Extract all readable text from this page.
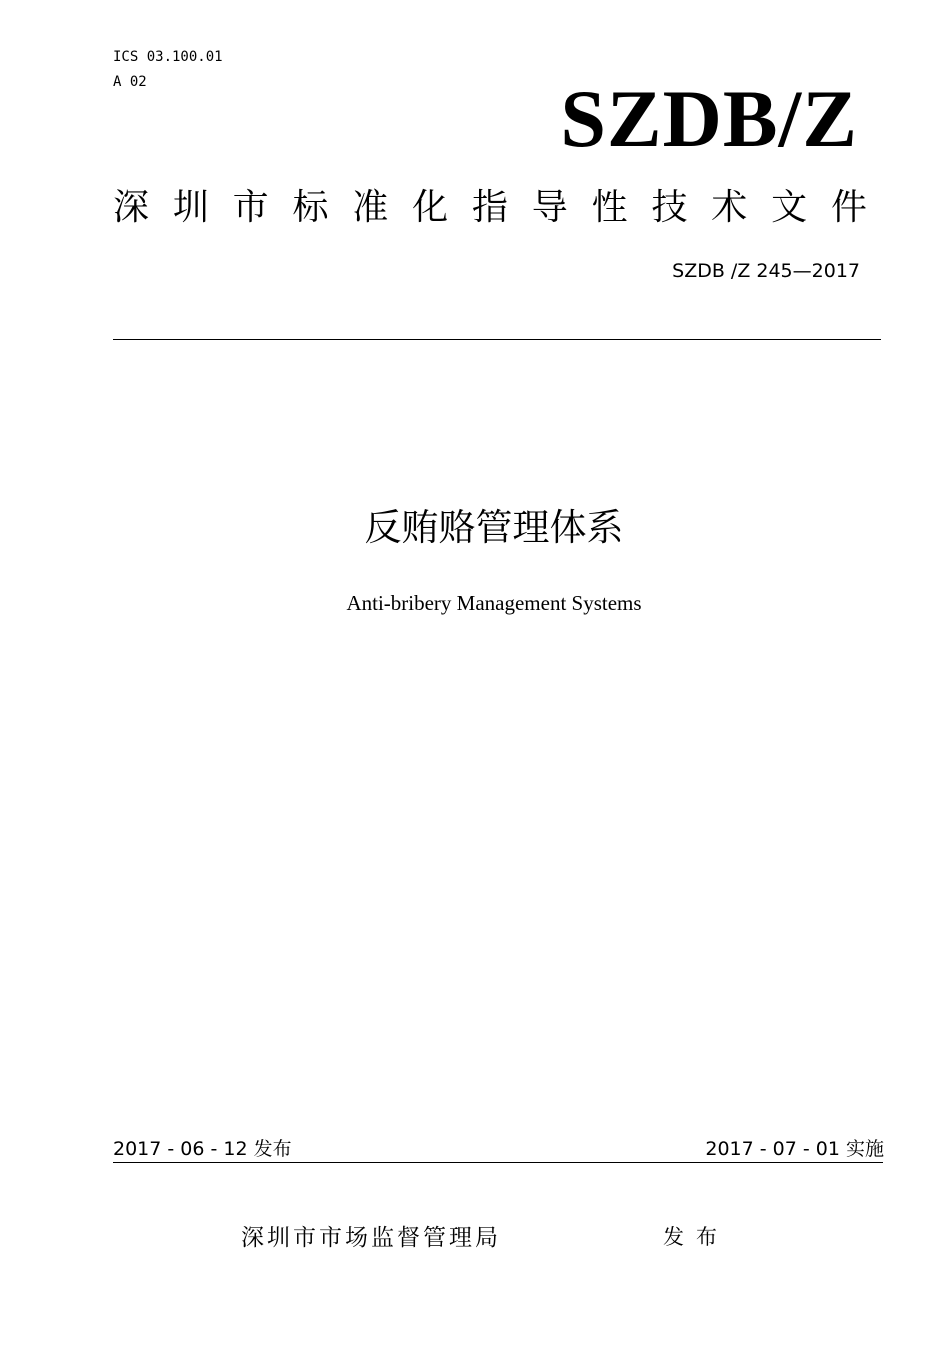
ICS 03.100.01
A 02	SZDB/Z
深 圳 市 标 准 化 指 导 性 技 术 文 件
SZDB /Z 245—2017
反贿赂管理体系
Anti-bribery Management Systems
2017 - 06 - 12 发布	2017 - 07 - 01 实施
深圳市市场监督管理局	发布
